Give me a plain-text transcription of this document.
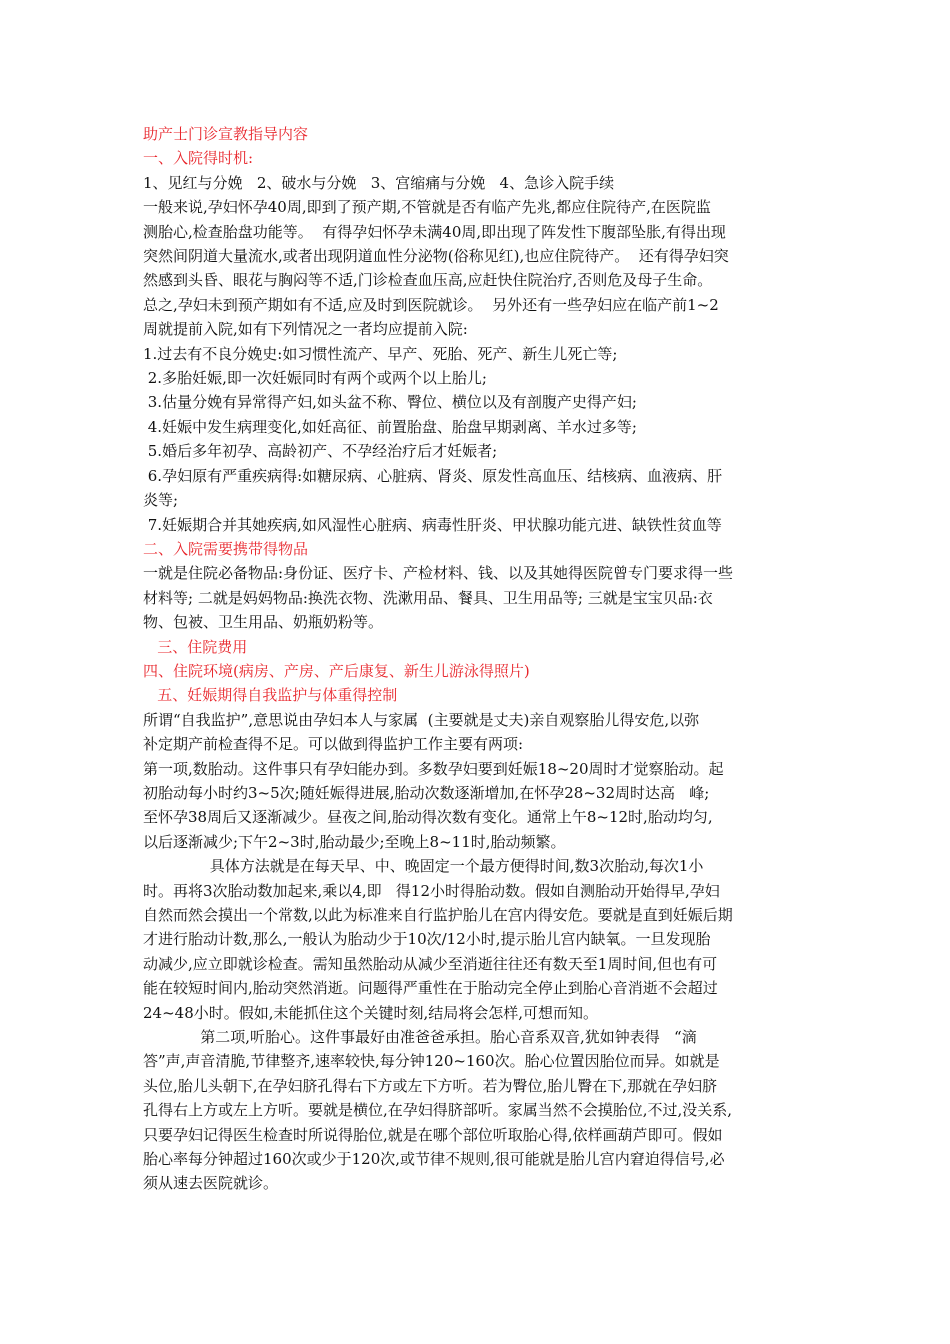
助产士门诊宣教指导内容

一、入院得时机:

1、见红与分娩   2、破水与分娩   3、宫缩痛与分娩   4、急诊入院手续

一般来说,孕妇怀孕40周,即到了预产期,不管就是否有临产先兆,都应住院待产,在医院监

测胎心,检查胎盘功能等。  有得孕妇怀孕未满40周,即出现了阵发性下腹部坠胀,有得出现

突然间阴道大量流水,或者出现阴道血性分泌物(俗称见红),也应住院待产。  还有得孕妇突

然感到头昏、眼花与胸闷等不适,门诊检查血压高,应赶快住院治疗,否则危及母子生命。

总之,孕妇未到预产期如有不适,应及时到医院就诊。  另外还有一些孕妇应在临产前1~2

周就提前入院,如有下列情况之一者均应提前入院:

1.过去有不良分娩史:如习惯性流产、早产、死胎、死产、新生儿死亡等;

2.多胎妊娠,即一次妊娠同时有两个或两个以上胎儿;

3.估量分娩有异常得产妇,如头盆不称、臀位、横位以及有剖腹产史得产妇;

4.妊娠中发生病理变化,如妊高征、前置胎盘、胎盘早期剥离、羊水过多等;

5.婚后多年初孕、高龄初产、不孕经治疗后才妊娠者;

6.孕妇原有严重疾病得:如糖尿病、心脏病、肾炎、原发性高血压、结核病、血液病、肝

炎等;

7.妊娠期合并其她疾病,如风湿性心脏病、病毒性肝炎、甲状腺功能亢进、缺铁性贫血等

二、入院需要携带得物品

一就是住院必备物品:身份证、医疗卡、产检材料、钱、以及其她得医院曾专门要求得一些

材料等; 二就是妈妈物品:换洗衣物、洗漱用品、餐具、卫生用品等; 三就是宝宝贝品:衣

物、包被、卫生用品、奶瓶奶粉等。

三、住院费用

四、住院环境(病房、产房、产后康复、新生儿游泳得照片)

五、妊娠期得自我监护与体重得控制

所谓“自我监护”,意思说由孕妇本人与家属  (主要就是丈夫)亲自观察胎儿得安危,以弥

补定期产前检查得不足。可以做到得监护工作主要有两项:

第一项,数胎动。这件事只有孕妇能办到。多数孕妇要到妊娠18~20周时才觉察胎动。起

初胎动每小时约3~5次;随妊娠得进展,胎动次数逐渐增加,在怀孕28~32周时达高   峰;

至怀孕38周后又逐渐减少。昼夜之间,胎动得次数有变化。通常上午8~12时,胎动均匀,

以后逐渐减少;下午2~3时,胎动最少;至晚上8~11时,胎动频繁。

具体方法就是在每天早、中、晚固定一个最方便得时间,数3次胎动,每次1小

时。再将3次胎动数加起来,乘以4,即   得12小时得胎动数。假如自测胎动开始得早,孕妇

自然而然会摸出一个常数,以此为标准来自行监护胎儿在宫内得安危。要就是直到妊娠后期

才进行胎动计数,那么,一般认为胎动少于10次/12小时,提示胎儿宫内缺氧。一旦发现胎

动减少,应立即就诊检查。需知虽然胎动从减少至消逝往往还有数天至1周时间,但也有可

能在较短时间内,胎动突然消逝。问题得严重性在于胎动完全停止到胎心音消逝不会超过

24~48小时。假如,未能抓住这个关键时刻,结局将会怎样,可想而知。

第二项,听胎心。这件事最好由准爸爸承担。胎心音系双音,犹如钟表得   “滴

答”声,声音清脆,节律整齐,速率较快,每分钟120~160次。胎心位置因胎位而异。如就是

头位,胎儿头朝下,在孕妇脐孔得右下方或左下方听。若为臀位,胎儿臀在下,那就在孕妇脐

孔得右上方或左上方听。要就是横位,在孕妇得脐部听。家属当然不会摸胎位,不过,没关系,

只要孕妇记得医生检查时所说得胎位,就是在哪个部位听取胎心得,依样画葫芦即可。假如

胎心率每分钟超过160次或少于120次,或节律不规则,很可能就是胎儿宫内窘迫得信号,必

须从速去医院就诊。
